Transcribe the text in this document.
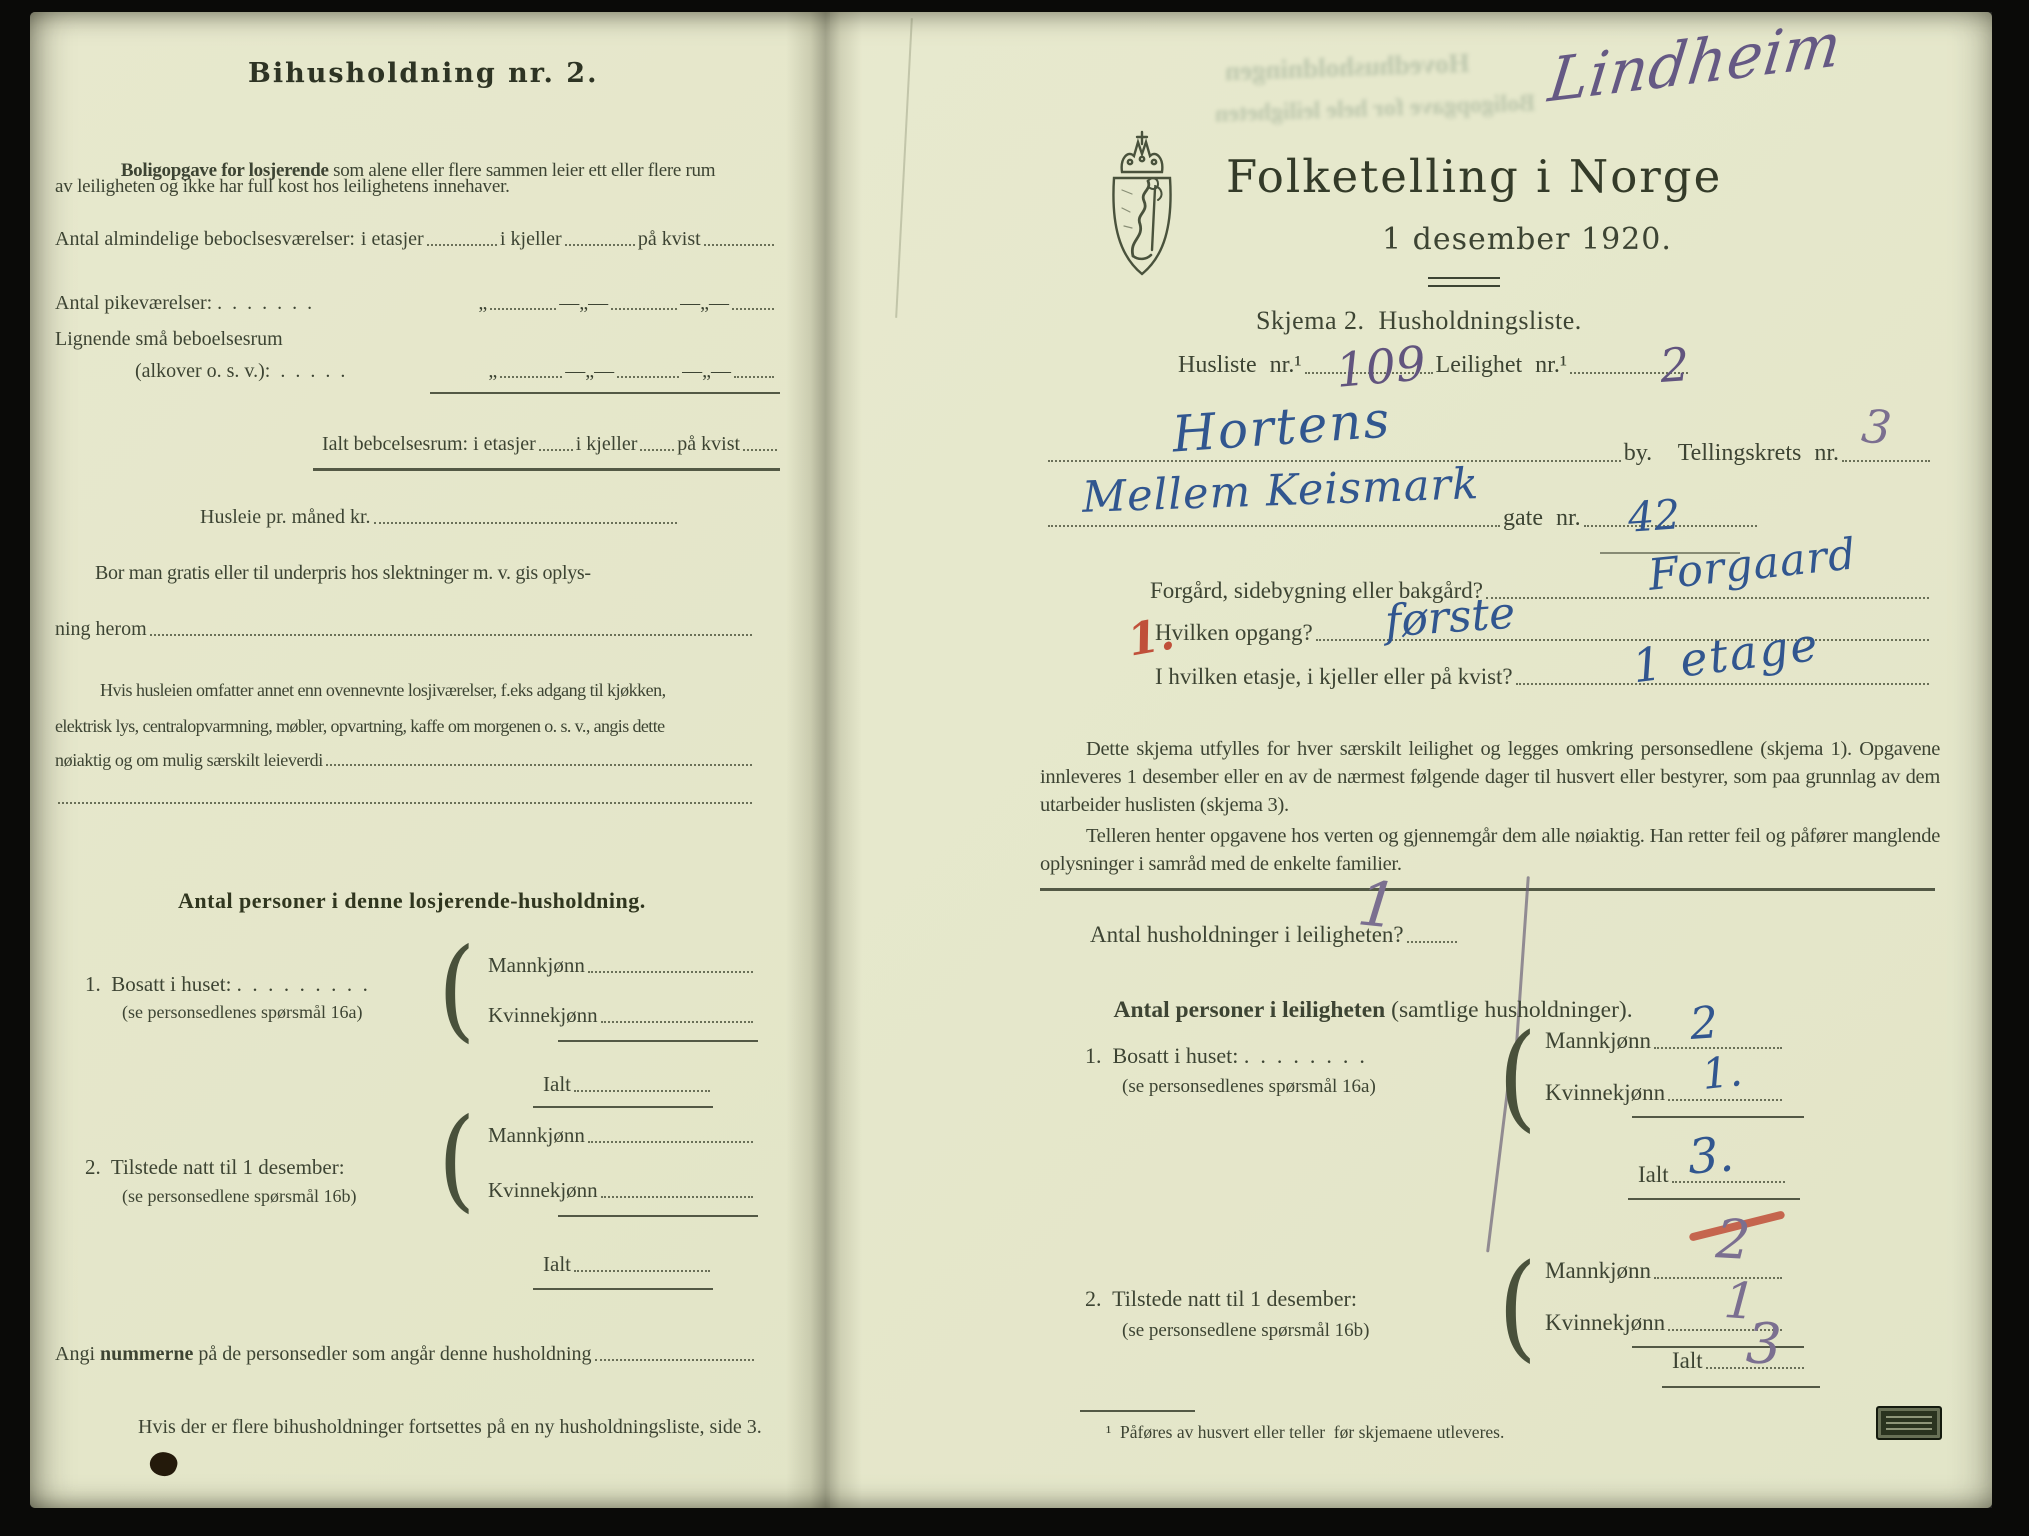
Bihusholdning nr. 2.

Boligopgave for losjerende som alene eller flere sammen leier ett eller flere rum

av leiligheten og ikke har full kost hos leilighetens innehaver.
Antal almindelige beboclsesværelser: i etasjer	i kjeller	på kvist
Antal pikeværelser: .  .  .  .  .  .  .	„	—„—	—„—
Lignende små beboelsesrum
(alkover o. s. v.):  .  .  .  .  .	„	—„—	—„—
Ialt bebcelsesrum: i etasjer i kjeller på kvist
Husleie pr. måned kr.
Bor man gratis eller til underpris hos slektninger m. v. gis oplys-
ning herom
Hvis husleien omfatter annet enn ovennevnte losjiværelser, f.eks adgang til kjøkken,
elektrisk lys, centralopvarmning, møbler, opvartning, kaffe om morgenen o. s. v., angis dette
nøiaktig og om mulig særskilt leieverdi
Antal personer i denne losjerende-husholdning.
1.  Bosatt i huset: .  .  .  .  .  .  .  .  .
(se personsedlenes spørsmål 16a) ( Mannkjønn
Kvinnekjønn
Ialt
( Mannkjønn
2.  Tilstede natt til 1 desember:
(se personsedlene spørsmål 16b)	Kvinnekjønn
Ialt
Angi nummerne på de personsedler som angår denne husholdning
Hvis der er flere bihusholdninger fortsettes på en ny husholdningsliste, side 3.
Hovedhusholdningen
Boligopgave for hele leiligheten Lindheim
Folketelling i Norge
1 desember 1920.
Skjema 2.  Husholdningsliste.
Husliste nr.¹	Leilighet nr.¹
109	2
by.  Tellingskrets nr.
Hortens	3
gate nr.
Mellem Keismark	42
Forgård, sidebygning eller bakgård?	Forgaard
1.
Hvilken opgang? første
I hvilken etasje, i kjeller eller på kvist?	1 etage
Dette skjema utfylles for hver særskilt leilighet og legges omkring personsedlene (skjema 1). Opgavene innleveres 1 desember eller en av de nærmest følgende dager til husvert eller bestyrer, som paa grunnlag av dem utarbeider huslisten (skjema 3).
Telleren henter opgavene hos verten og gjennemgår dem alle nøiaktig. Han retter feil og påfører manglende oplysninger i samråd med de enkelte familier.
Antal husholdninger i leiligheten?
1

Antal personer i leiligheten (samtlige husholdninger).

1.  Bosatt i huset: .  .  .  .  .  .  .  .
(se personsedlenes spørsmål 16a) ( Mannkjønn 2
Kvinnekjønn 1.
Ialt 3.
2.  Tilstede natt til 1 desember:
(se personsedlene spørsmål 16b) ( Mannkjønn 2
Kvinnekjønn 1
Ialt 3
¹  Påføres av husvert eller teller  før skjemaene utleveres.
